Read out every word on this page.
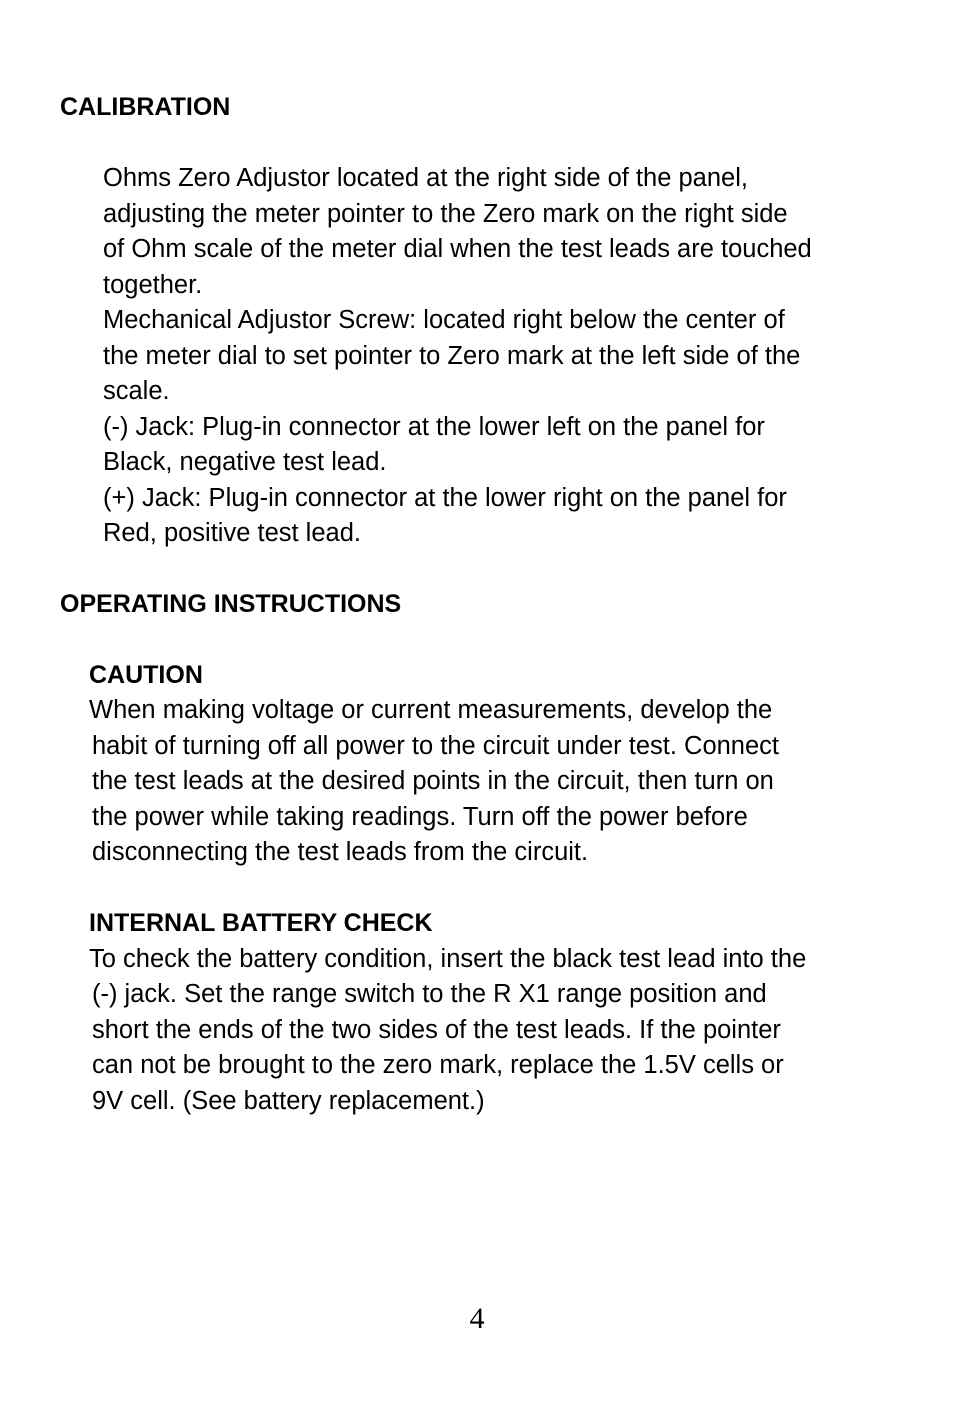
CALIBRATION
Ohms Zero Adjustor located at the right side of the panel,
adjusting the meter pointer to the Zero mark on the right side
of Ohm scale of the meter dial when the test leads are touched
together.
Mechanical Adjustor Screw: located right below the center of
the meter dial to set pointer to Zero mark at the left side of the
scale.
(-) Jack: Plug-in connector at the lower left on the panel for
Black, negative test lead.
(+) Jack: Plug-in connector at the lower right on the panel for
Red, positive test lead.
OPERATING INSTRUCTIONS
CAUTION
When making voltage or current measurements, develop the
habit of turning off all power to the circuit under test. Connect
the test leads at the desired points in the circuit, then turn on
the power while taking readings. Turn off the power before
disconnecting the test leads from the circuit.
INTERNAL BATTERY CHECK
To check the battery condition, insert the black test lead into the
(-) jack. Set the range switch to the R X1 range position and
short the ends of the two sides of the test leads. If the pointer
can not be brought to the zero mark, replace the 1.5V cells or
9V cell. (See battery replacement.)
4
